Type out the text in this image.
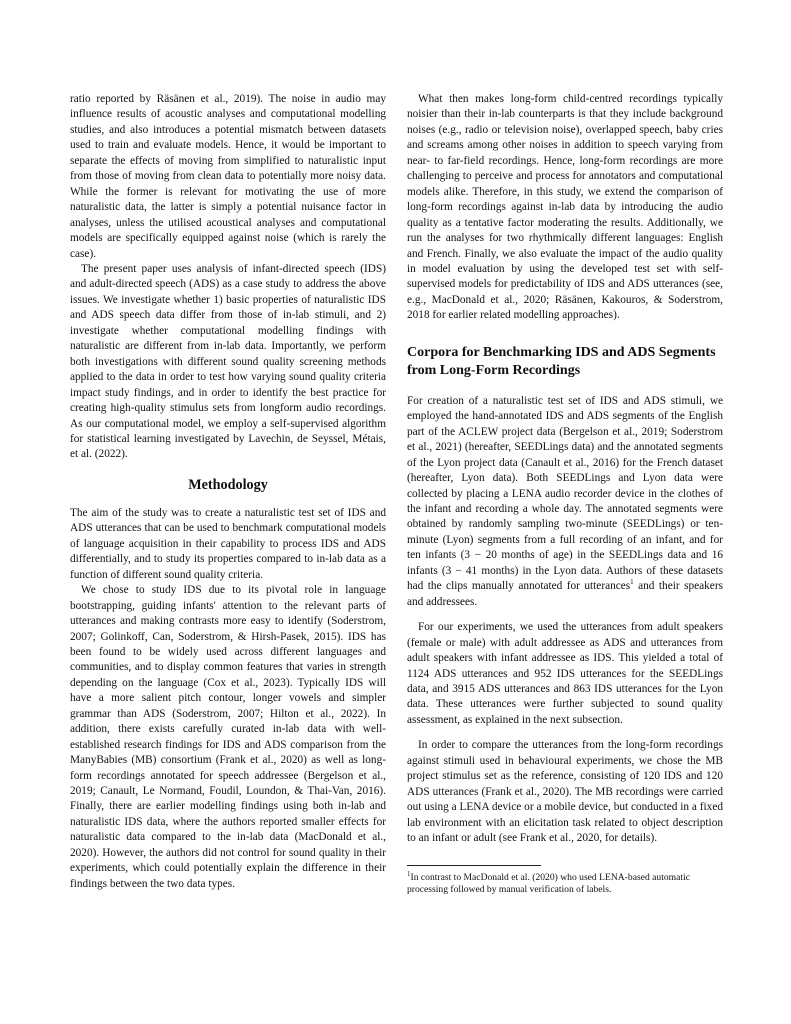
ratio reported by Räsänen et al., 2019). The noise in audio may influence results of acoustic analyses and computational modelling studies, and also introduces a potential mismatch between datasets used to train and evaluate models. Hence, it would be important to separate the effects of moving from simplified to naturalistic input from those of moving from clean data to potentially more noisy data. While the former is relevant for motivating the use of more naturalistic data, the latter is simply a potential nuisance factor in analyses, unless the utilised acoustical analyses and computational models are specifically equipped against noise (which is rarely the case).

The present paper uses analysis of infant-directed speech (IDS) and adult-directed speech (ADS) as a case study to address the above issues. We investigate whether 1) basic properties of naturalistic IDS and ADS speech data differ from those of in-lab stimuli, and 2) investigate whether computational modelling findings with naturalistic are different from in-lab data. Importantly, we perform both investigations with different sound quality screening methods applied to the data in order to test how varying sound quality criteria impact study findings, and in order to identify the best practice for creating high-quality stimulus sets from longform audio recordings. As our computational model, we employ a self-supervised algorithm for statistical learning investigated by Lavechin, de Seyssel, Métais, et al. (2022).

Methodology

The aim of the study was to create a naturalistic test set of IDS and ADS utterances that can be used to benchmark computational models of language acquisition in their capability to process IDS and ADS differentially, and to study its properties compared to in-lab data as a function of different sound quality criteria.

We chose to study IDS due to its pivotal role in language bootstrapping, guiding infants' attention to the relevant parts of utterances and making contrasts more easy to identify (Soderstrom, 2007; Golinkoff, Can, Soderstrom, & Hirsh-Pasek, 2015). IDS has been found to be widely used across different languages and communities, and to display common features that varies in strength depending on the language (Cox et al., 2023). Typically IDS will have a more salient pitch contour, longer vowels and simpler grammar than ADS (Soderstrom, 2007; Hilton et al., 2022). In addition, there exists carefully curated in-lab data with well-established research findings for IDS and ADS comparison from the ManyBabies (MB) consortium (Frank et al., 2020) as well as long-form recordings annotated for speech addressee (Bergelson et al., 2019; Canault, Le Normand, Foudil, Loundon, & Thai-Van, 2016). Finally, there are earlier modelling findings using both in-lab and naturalistic IDS data, where the authors reported smaller effects for naturalistic data compared to the in-lab data (MacDonald et al., 2020). However, the authors did not control for sound quality in their experiments, which could potentially explain the difference in their findings between the two data types.

What then makes long-form child-centred recordings typically noisier than their in-lab counterparts is that they include background noises (e.g., radio or television noise), overlapped speech, baby cries and screams among other noises in addition to speech varying from near- to far-field recordings. Hence, long-form recordings are more challenging to perceive and process for annotators and computational models alike. Therefore, in this study, we extend the comparison of long-form recordings against in-lab data by introducing the audio quality as a tentative factor moderating the results. Additionally, we run the analyses for two rhythmically different languages: English and French. Finally, we also evaluate the impact of the audio quality in model evaluation by using the developed test set with self-supervised models for predictability of IDS and ADS utterances (see, e.g., MacDonald et al., 2020; Räsänen, Kakouros, & Soderstrom, 2018 for earlier related modelling approaches).

Corpora for Benchmarking IDS and ADS Segments from Long-Form Recordings

For creation of a naturalistic test set of IDS and ADS stimuli, we employed the hand-annotated IDS and ADS segments of the English part of the ACLEW project data (Bergelson et al., 2019; Soderstrom et al., 2021) (hereafter, SEEDLings data) and the annotated segments of the Lyon project data (Canault et al., 2016) for the French dataset (hereafter, Lyon data). Both SEEDLings and Lyon data were collected by placing a LENA audio recorder device in the clothes of the infant and recording a whole day. The annotated segments were obtained by randomly sampling two-minute (SEEDLings) or ten-minute (Lyon) segments from a full recording of an infant, and for ten infants (3 − 20 months of age) in the SEEDLings data and 16 infants (3 − 41 months) in the Lyon data. Authors of these datasets had the clips manually annotated for utterances$^1$ and their speakers and addressees.

For our experiments, we used the utterances from adult speakers (female or male) with adult addressee as ADS and utterances from adult speakers with infant addressee as IDS. This yielded a total of 1124 ADS utterances and 952 IDS utterances for the SEEDLings data, and 3915 ADS utterances and 863 IDS utterances for the Lyon data. These utterances were further subjected to sound quality assessment, as explained in the next subsection.

In order to compare the utterances from the long-form recordings against stimuli used in behavioural experiments, we chose the MB project stimulus set as the reference, consisting of 120 IDS and 120 ADS utterances (Frank et al., 2020). The MB recordings were carried out using a LENA device or a mobile device, but conducted in a fixed lab environment with an elicitation task related to object description to an infant or adult (see Frank et al., 2020, for details).

$^1$In contrast to MacDonald et al. (2020) who used LENA-based automatic processing followed by manual verification of labels.
